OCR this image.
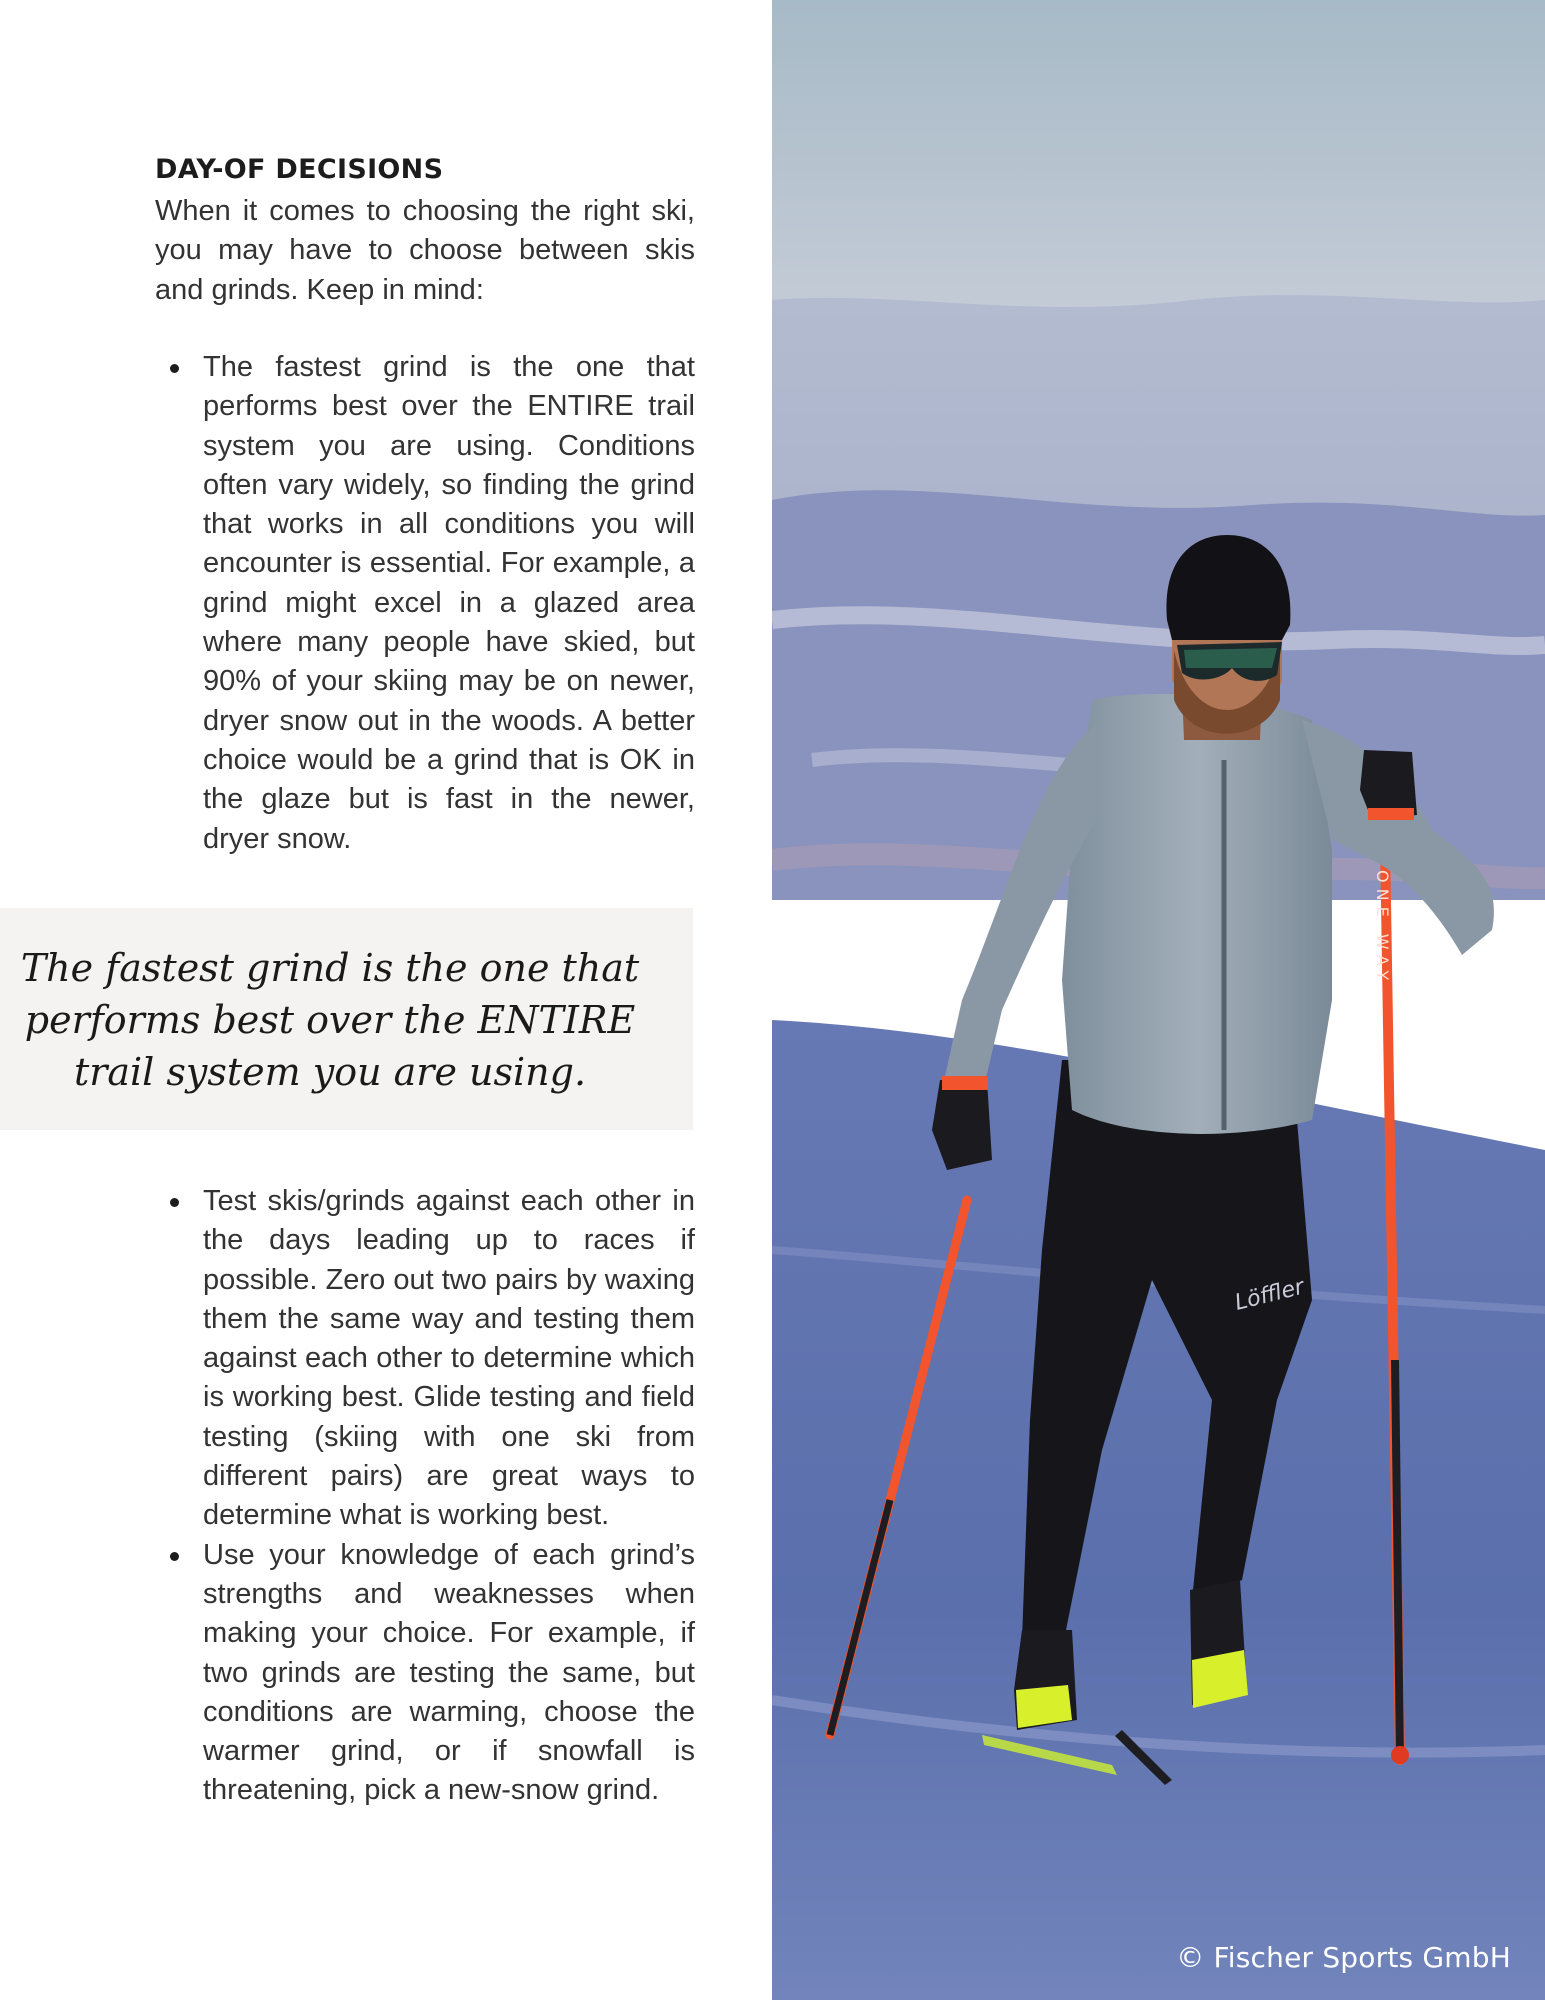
DAY-OF DECISIONS

When it comes to choosing the right ski, you may have to choose between skis and grinds. Keep in mind:

The fastest grind is the one that performs best over the ENTIRE trail system you are using. Conditions often vary widely, so finding the grind that works in all conditions you will encounter is essential. For example, a grind might excel in a glazed area where many people have skied, but 90% of your skiing may be on newer, dryer snow out in the woods. A better choice would be a grind that is OK in the glaze but is fast in the newer, dryer snow.

The fastest grind is the one that performs best over the ENTIRE trail system you are using.

Test skis/grinds against each other in the days leading up to races if possible. Zero out two pairs by waxing them the same way and testing them against each other to determine which is working best. Glide testing and field testing (skiing with one ski from different pairs) are great ways to determine what is working best.
Use your knowledge of each grind’s strengths and weaknesses when making your choice. For example, if two grinds are testing the same, but conditions are warming, choose the warmer grind, or if snowfall is threatening, pick a new-snow grind.
ONE WAY
Löffler
© Fischer Sports GmbH
